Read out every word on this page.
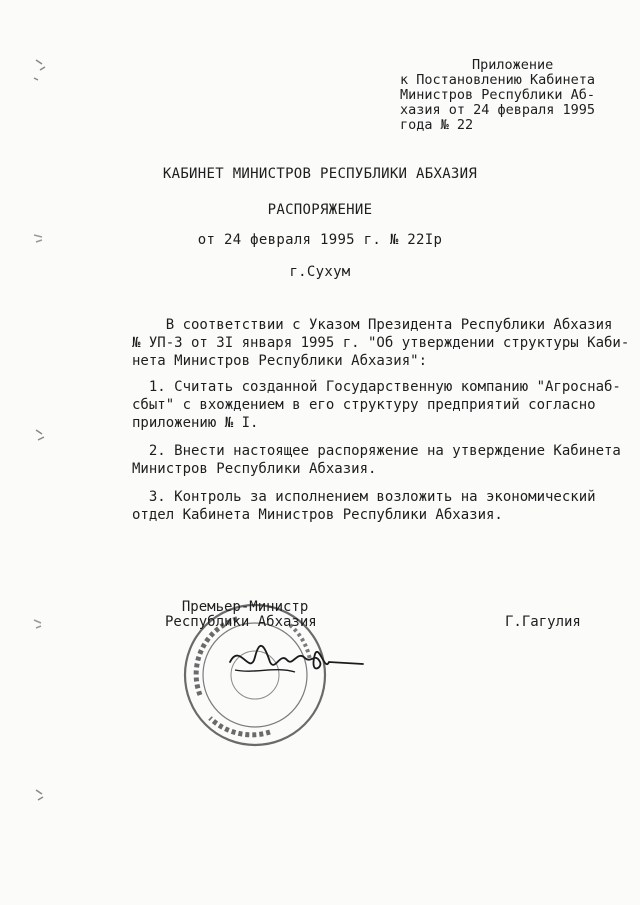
Приложение
к Постановлению Кабинета
Министров Республики Аб-
хазия от 24 февраля 1995
года № 22
КАБИНЕТ МИНИСТРОВ РЕСПУБЛИКИ АБХАЗИЯ
РАСПОРЯЖЕНИЕ
от 24 февраля 1995 г. № 22Iр
г.Сухум
В соответствии с Указом Президента Республики Абхазия
№ УП-3 от 3I января 1995 г. "Об утверждении структуры Каби-
нета Министров Республики Абхазия":
1. Считать созданной Государственную компанию "Агроснаб-
сбыт" с вхождением в его структуру предприятий согласно
приложению № I.
2. Внести настоящее распоряжение на утверждение Кабинета
Министров Республики Абхазия.
3. Контроль за исполнением возложить на экономический
отдел Кабинета Министров Республики Абхазия.
Премьер-Министр
Республики Абхазия	Г.Гагулия
